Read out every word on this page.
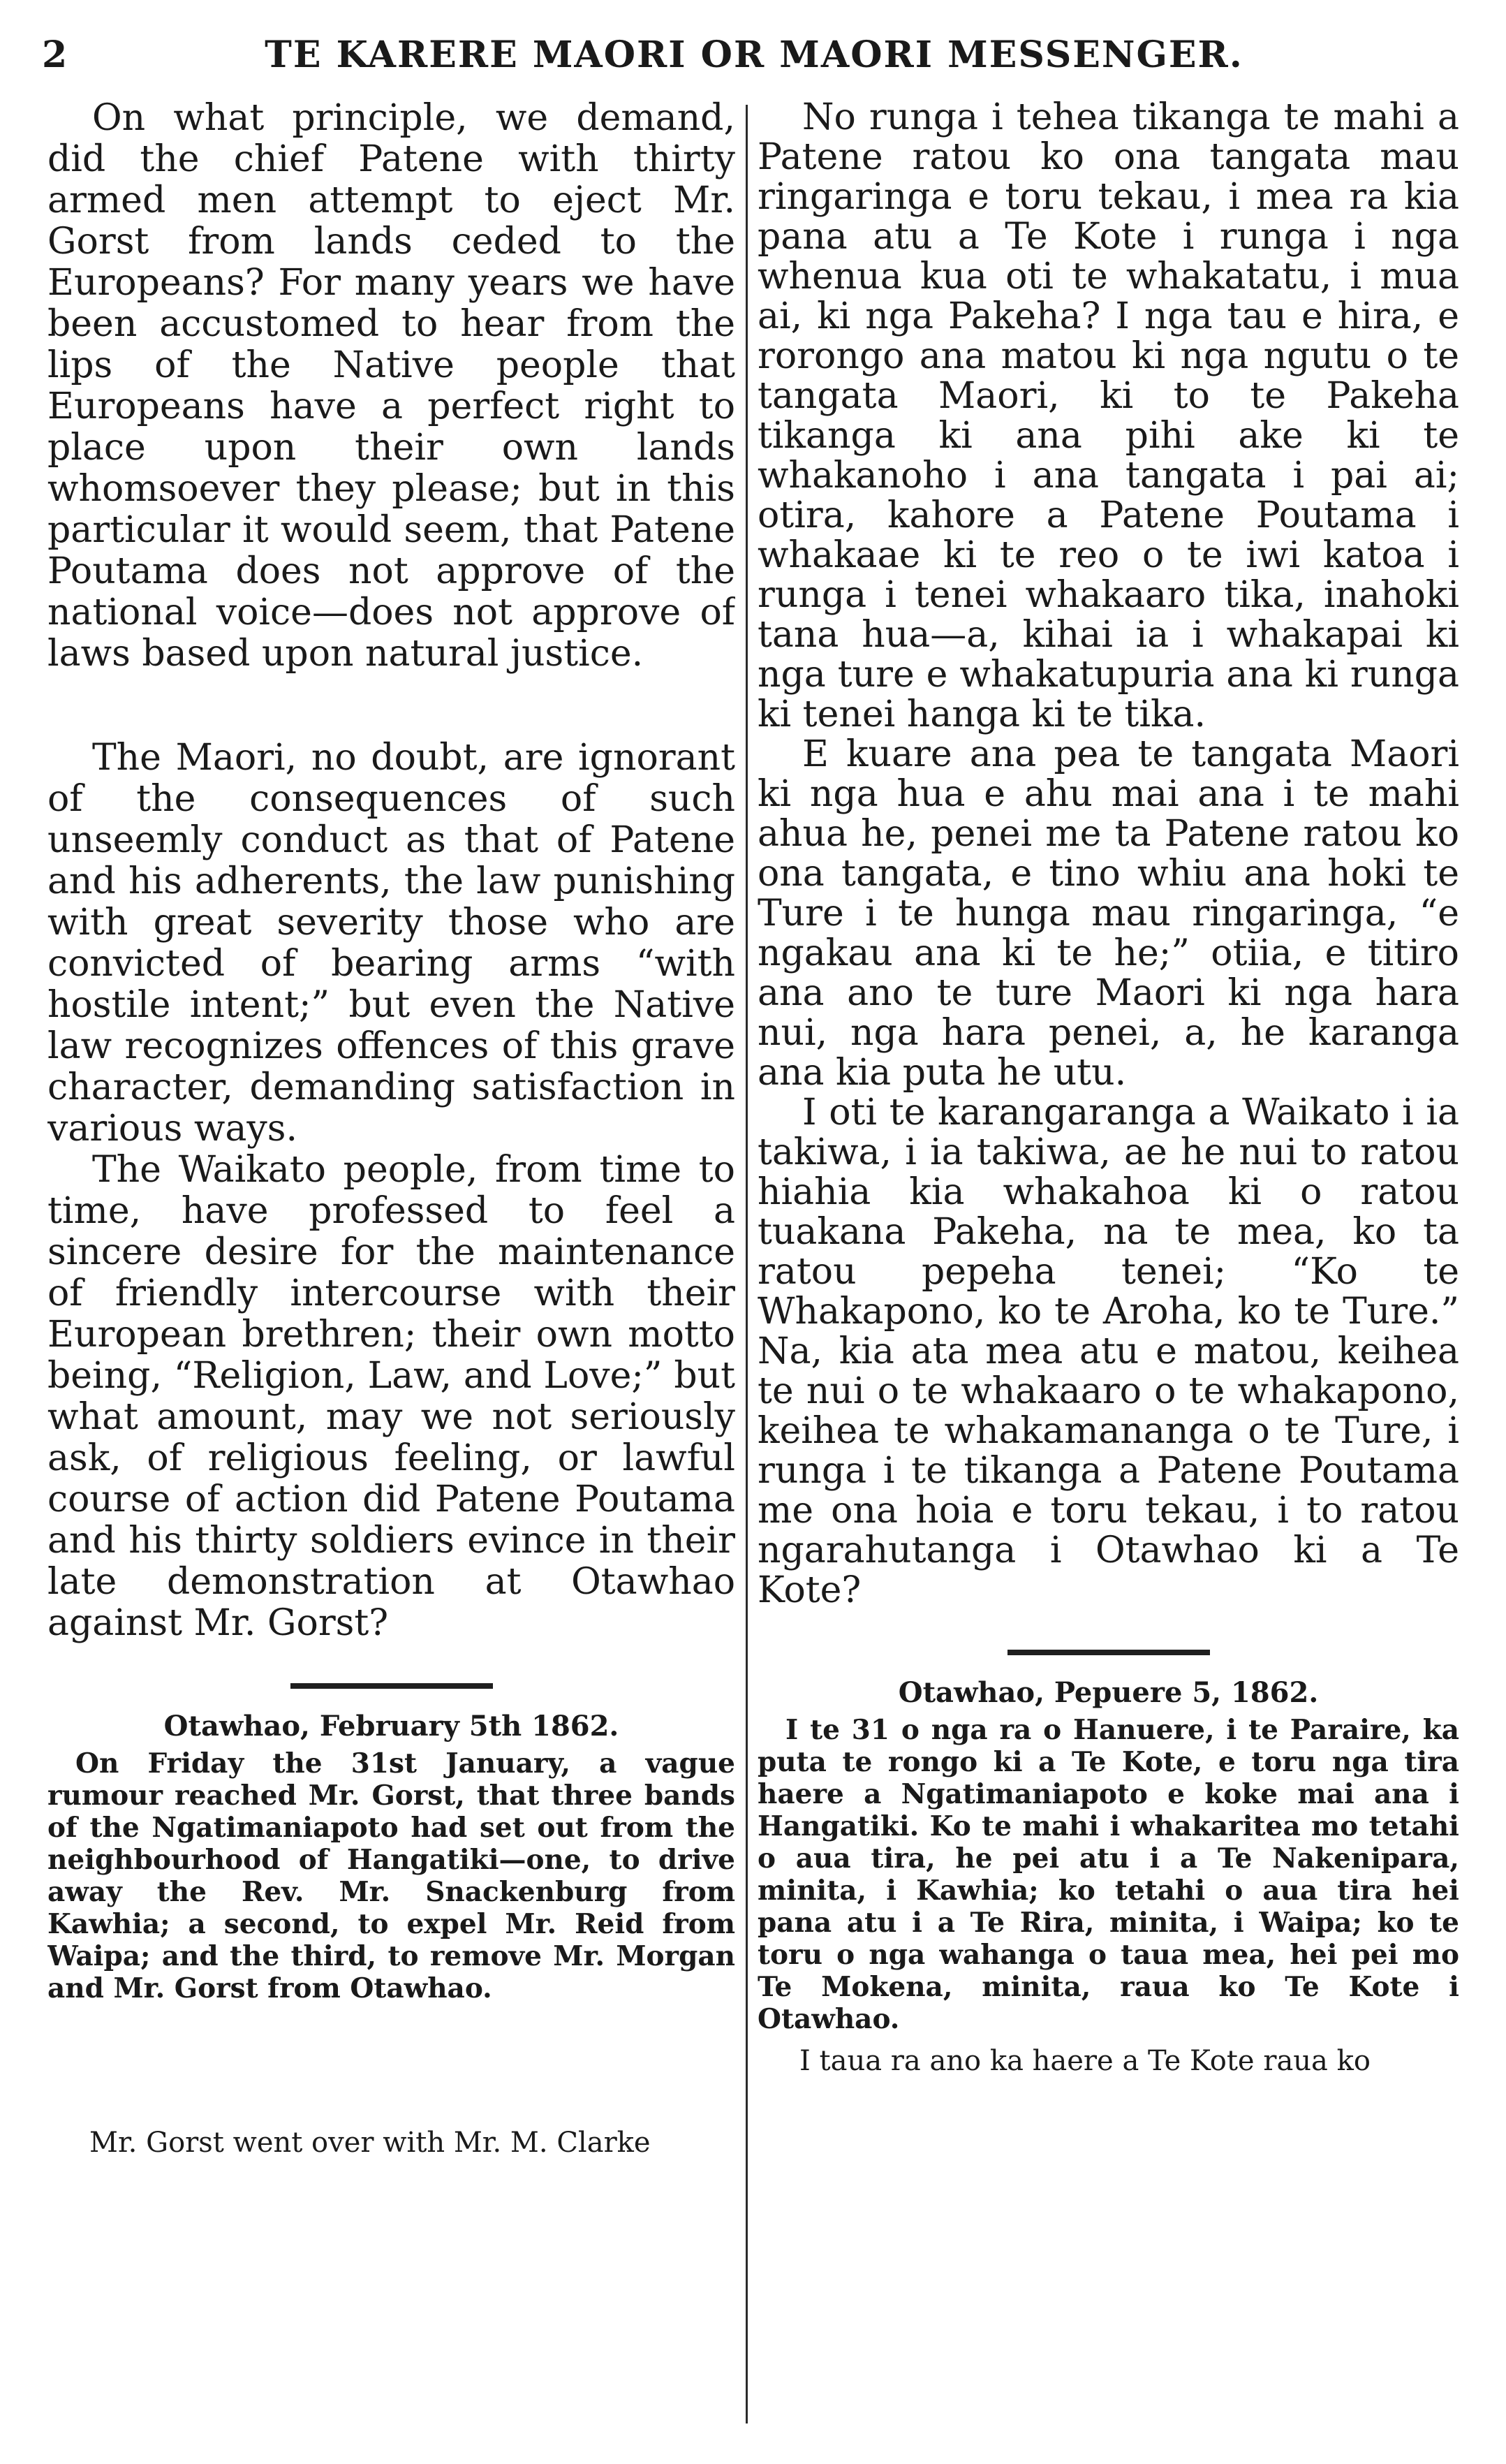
2	TE KARERE MAORI OR MAORI MESSENGER.

On what principle, we demand, did the chief Patene with thirty armed men attempt to eject Mr. Gorst from lands ceded to the Europeans? For many years we have been accustomed to hear from the lips of the Native people that Europeans have a perfect right to place upon their own lands whomsoever they please; but in this particular it would seem, that Patene Poutama does not approve of the national voice—does not approve of laws based upon natural justice.

The Maori, no doubt, are ignorant of the consequences of such unseemly conduct as that of Patene and his adherents, the law punishing with great severity those who are convicted of bearing arms “with hostile intent;” but even the Native law recognizes offences of this grave character, demanding satisfaction in various ways.

The Waikato people, from time to time, have professed to feel a sincere desire for the maintenance of friendly intercourse with their European brethren; their own motto being, “Religion, Law, and Love;” but what amount, may we not seriously ask, of religious feeling, or lawful course of action did Patene Poutama and his thirty soldiers evince in their late demonstration at Otawhao against Mr. Gorst?

Otawhao, February 5th 1862.

On Friday the 31st January, a vague rumour reached Mr. Gorst, that three bands of the Ngatimaniapoto had set out from the neighbourhood of Hangatiki—one, to drive away the Rev. Mr. Snackenburg from Kawhia; a second, to expel Mr. Reid from Waipa; and the third, to remove Mr. Morgan and Mr. Gorst from Otawhao.

Mr. Gorst went over with Mr. M. Clarke

No runga i tehea tikanga te mahi a Patene ratou ko ona tangata mau ringaringa e toru tekau, i mea ra kia pana atu a Te Kote i runga i nga whenua kua oti te whakatatu, i mua ai, ki nga Pakeha? I nga tau e hira, e rorongo ana matou ki nga ngutu o te tangata Maori, ki to te Pakeha tikanga ki ana pihi ake ki te whakanoho i ana tangata i pai ai; otira, kahore a Patene Poutama i whakaae ki te reo o te iwi katoa i runga i tenei whakaaro tika, inahoki tana hua—a, kihai ia i whakapai ki nga ture e whakatupuria ana ki runga ki tenei hanga ki te tika.

E kuare ana pea te tangata Maori ki nga hua e ahu mai ana i te mahi ahua he, penei me ta Patene ratou ko ona tangata, e tino whiu ana hoki te Ture i te hunga mau ringaringa, “e ngakau ana ki te he;” otiia, e titiro ana ano te ture Maori ki nga hara nui, nga hara penei, a, he karanga ana kia puta he utu.

I oti te karangaranga a Waikato i ia takiwa, i ia takiwa, ae he nui to ratou hiahia kia whakahoa ki o ratou tuakana Pakeha, na te mea, ko ta ratou pepeha tenei; “Ko te Whakapono, ko te Aroha, ko te Ture.” Na, kia ata mea atu e matou, keihea te nui o te whakaaro o te whakapono, keihea te whakamananga o te Ture, i runga i te tikanga a Patene Poutama me ona hoia e toru tekau, i to ratou ngarahutanga i Otawhao ki a Te Kote?

Otawhao, Pepuere 5, 1862.

I te 31 o nga ra o Hanuere, i te Paraire, ka puta te rongo ki a Te Kote, e toru nga tira haere a Ngatimaniapoto e koke mai ana i Hangatiki. Ko te mahi i whakaritea mo tetahi o aua tira, he pei atu i a Te Nakenipara, minita, i Kawhia; ko tetahi o aua tira hei pana atu i a Te Rira, minita, i Waipa; ko te toru o nga wahanga o taua mea, hei pei mo Te Mokena, minita, raua ko Te Kote i Otawhao.

I taua ra ano ka haere a Te Kote raua ko
